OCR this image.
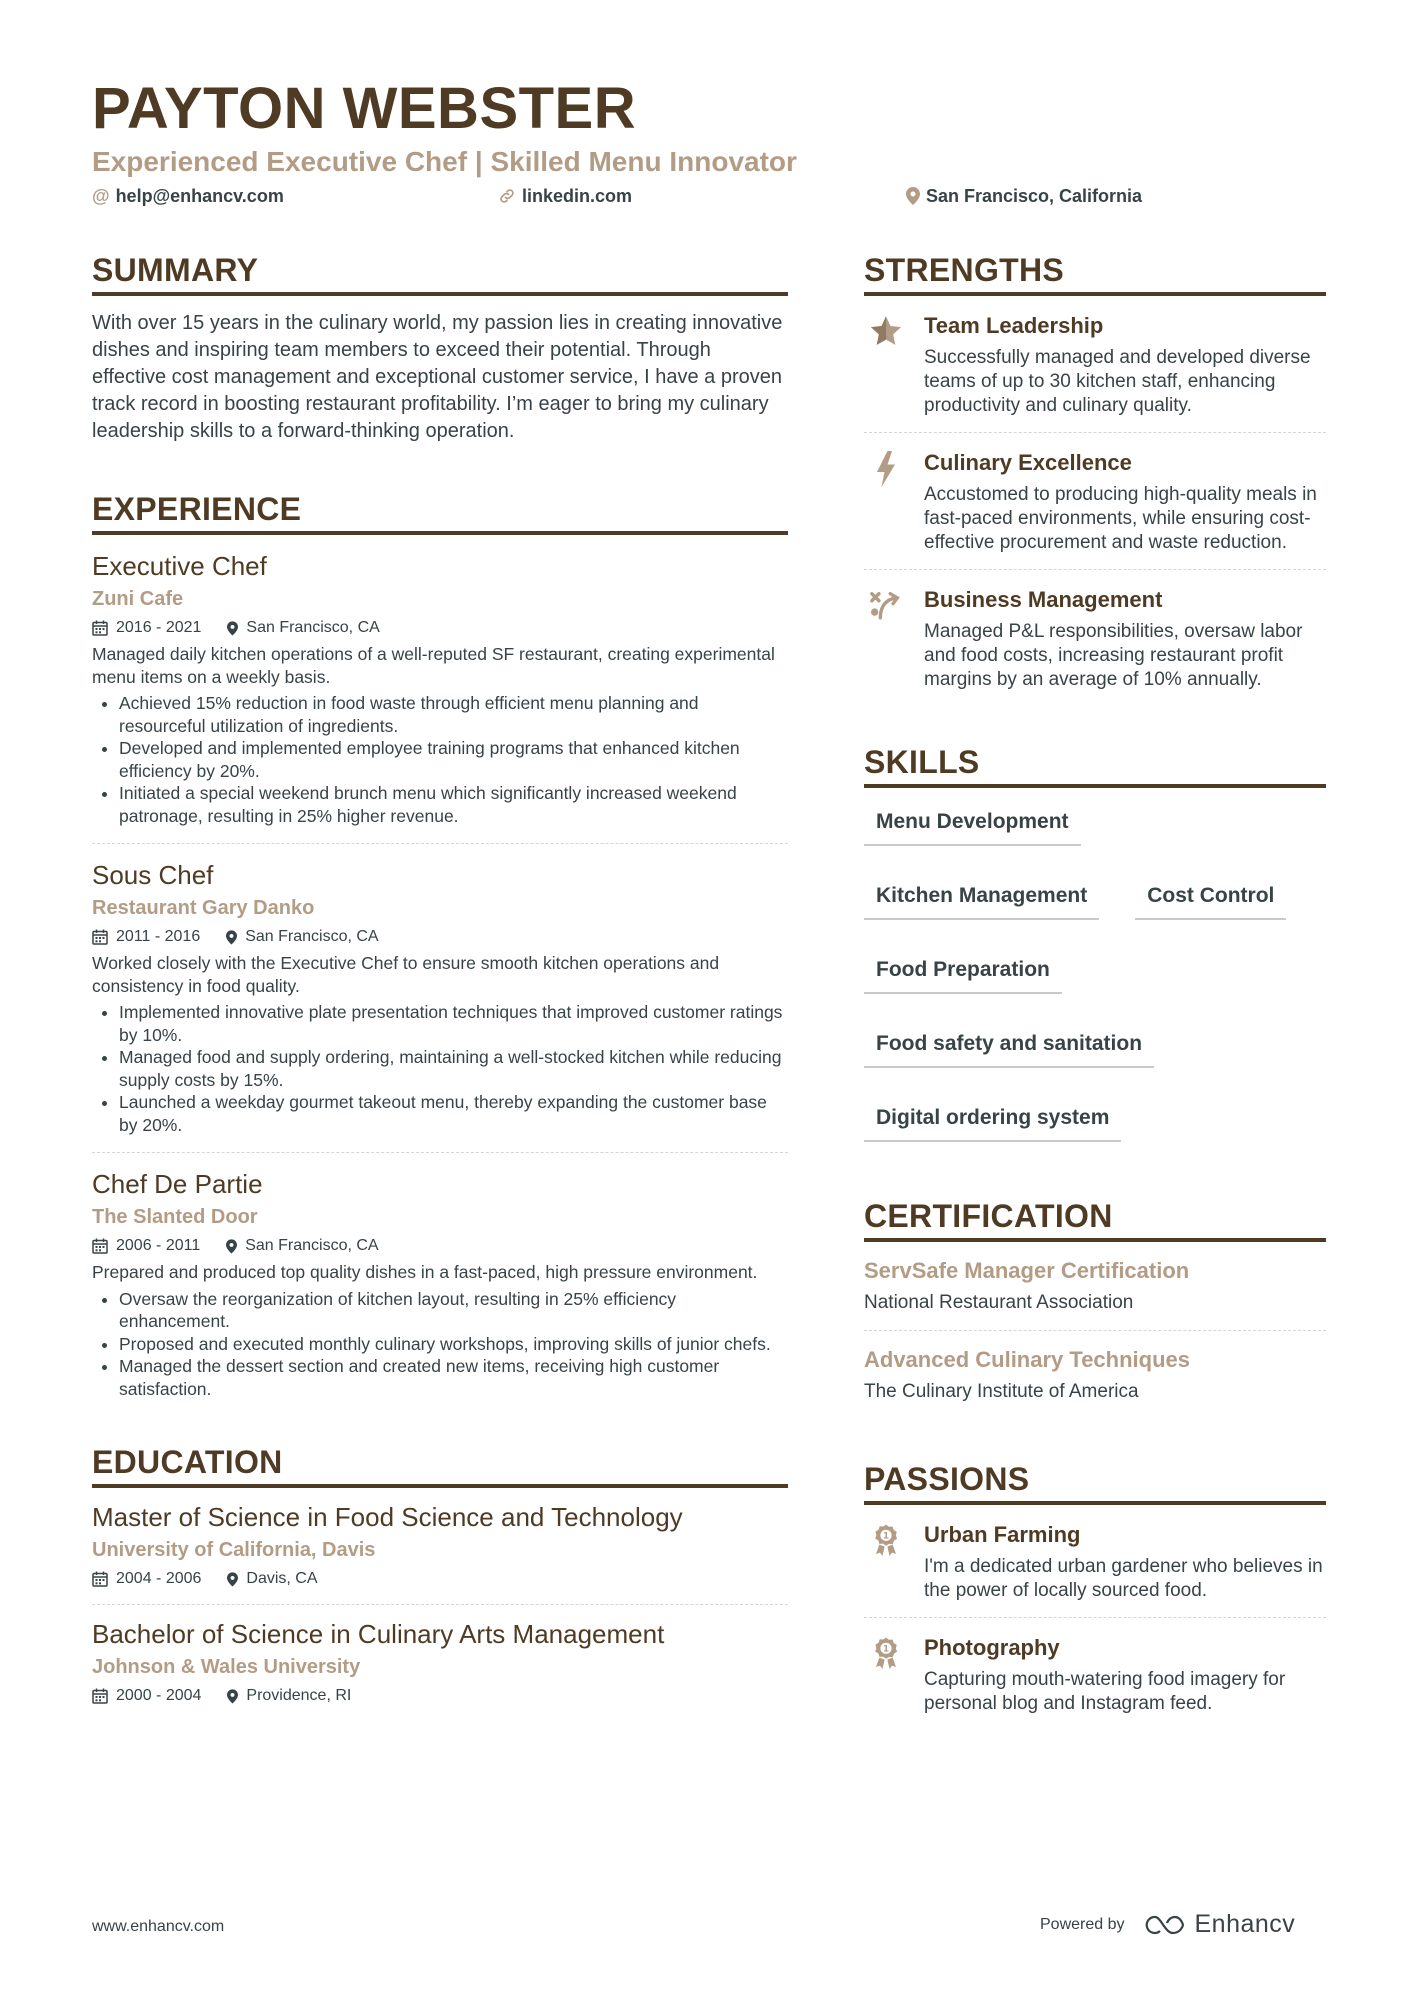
PAYTON WEBSTER
Experienced Executive Chef | Skilled Menu Innovator
@ help@enhancv.com	linkedin.com	San Francisco, California
SUMMARY

With over 15 years in the culinary world, my passion lies in creating innovative dishes and inspiring team members to exceed their potential. Through effective cost management and exceptional customer service, I have a proven track record in boosting restaurant profitability. I’m eager to bring my culinary leadership skills to a forward-thinking operation.

EXPERIENCE
Executive Chef
Zuni Cafe
2016 - 2021	San Francisco, CA
Managed daily kitchen operations of a well-reputed SF restaurant, creating experimental menu items on a weekly basis.
• Achieved 15% reduction in food waste through efficient menu planning and resourceful utilization of ingredients.
• Developed and implemented employee training programs that enhanced kitchen efficiency by 20%.
• Initiated a special weekend brunch menu which significantly increased weekend patronage, resulting in 25% higher revenue.
Sous Chef
Restaurant Gary Danko
2011 - 2016	San Francisco, CA
Worked closely with the Executive Chef to ensure smooth kitchen operations and consistency in food quality.
• Implemented innovative plate presentation techniques that improved customer ratings by 10%.
• Managed food and supply ordering, maintaining a well-stocked kitchen while reducing supply costs by 15%.
• Launched a weekday gourmet takeout menu, thereby expanding the customer base by 20%.
Chef De Partie
The Slanted Door
2006 - 2011	San Francisco, CA
Prepared and produced top quality dishes in a fast-paced, high pressure environment.
• Oversaw the reorganization of kitchen layout, resulting in 25% efficiency enhancement.
• Proposed and executed monthly culinary workshops, improving skills of junior chefs.
• Managed the dessert section and created new items, receiving high customer satisfaction.
EDUCATION
Master of Science in Food Science and Technology
University of California, Davis
2004 - 2006	Davis, CA
Bachelor of Science in Culinary Arts Management
Johnson & Wales University
2000 - 2004	Providence, RI
STRENGTHS
Team Leadership
Successfully managed and developed diverse teams of up to 30 kitchen staff, enhancing productivity and culinary quality.
Culinary Excellence
Accustomed to producing high-quality meals in fast-paced environments, while ensuring cost-effective procurement and waste reduction.
Business Management
Managed P&L responsibilities, oversaw labor and food costs, increasing restaurant profit margins by an average of 10% annually.
SKILLS
Menu Development
Kitchen Management	Cost Control
Food Preparation
Food safety and sanitation
Digital ordering system
CERTIFICATION
ServSafe Manager Certification
National Restaurant Association
Advanced Culinary Techniques
The Culinary Institute of America
PASSIONS
1 Urban Farming
I'm a dedicated urban gardener who believes in the power of locally sourced food.
1 Photography
Capturing mouth-watering food imagery for personal blog and Instagram feed.
www.enhancv.com	Powered by	Enhancv
